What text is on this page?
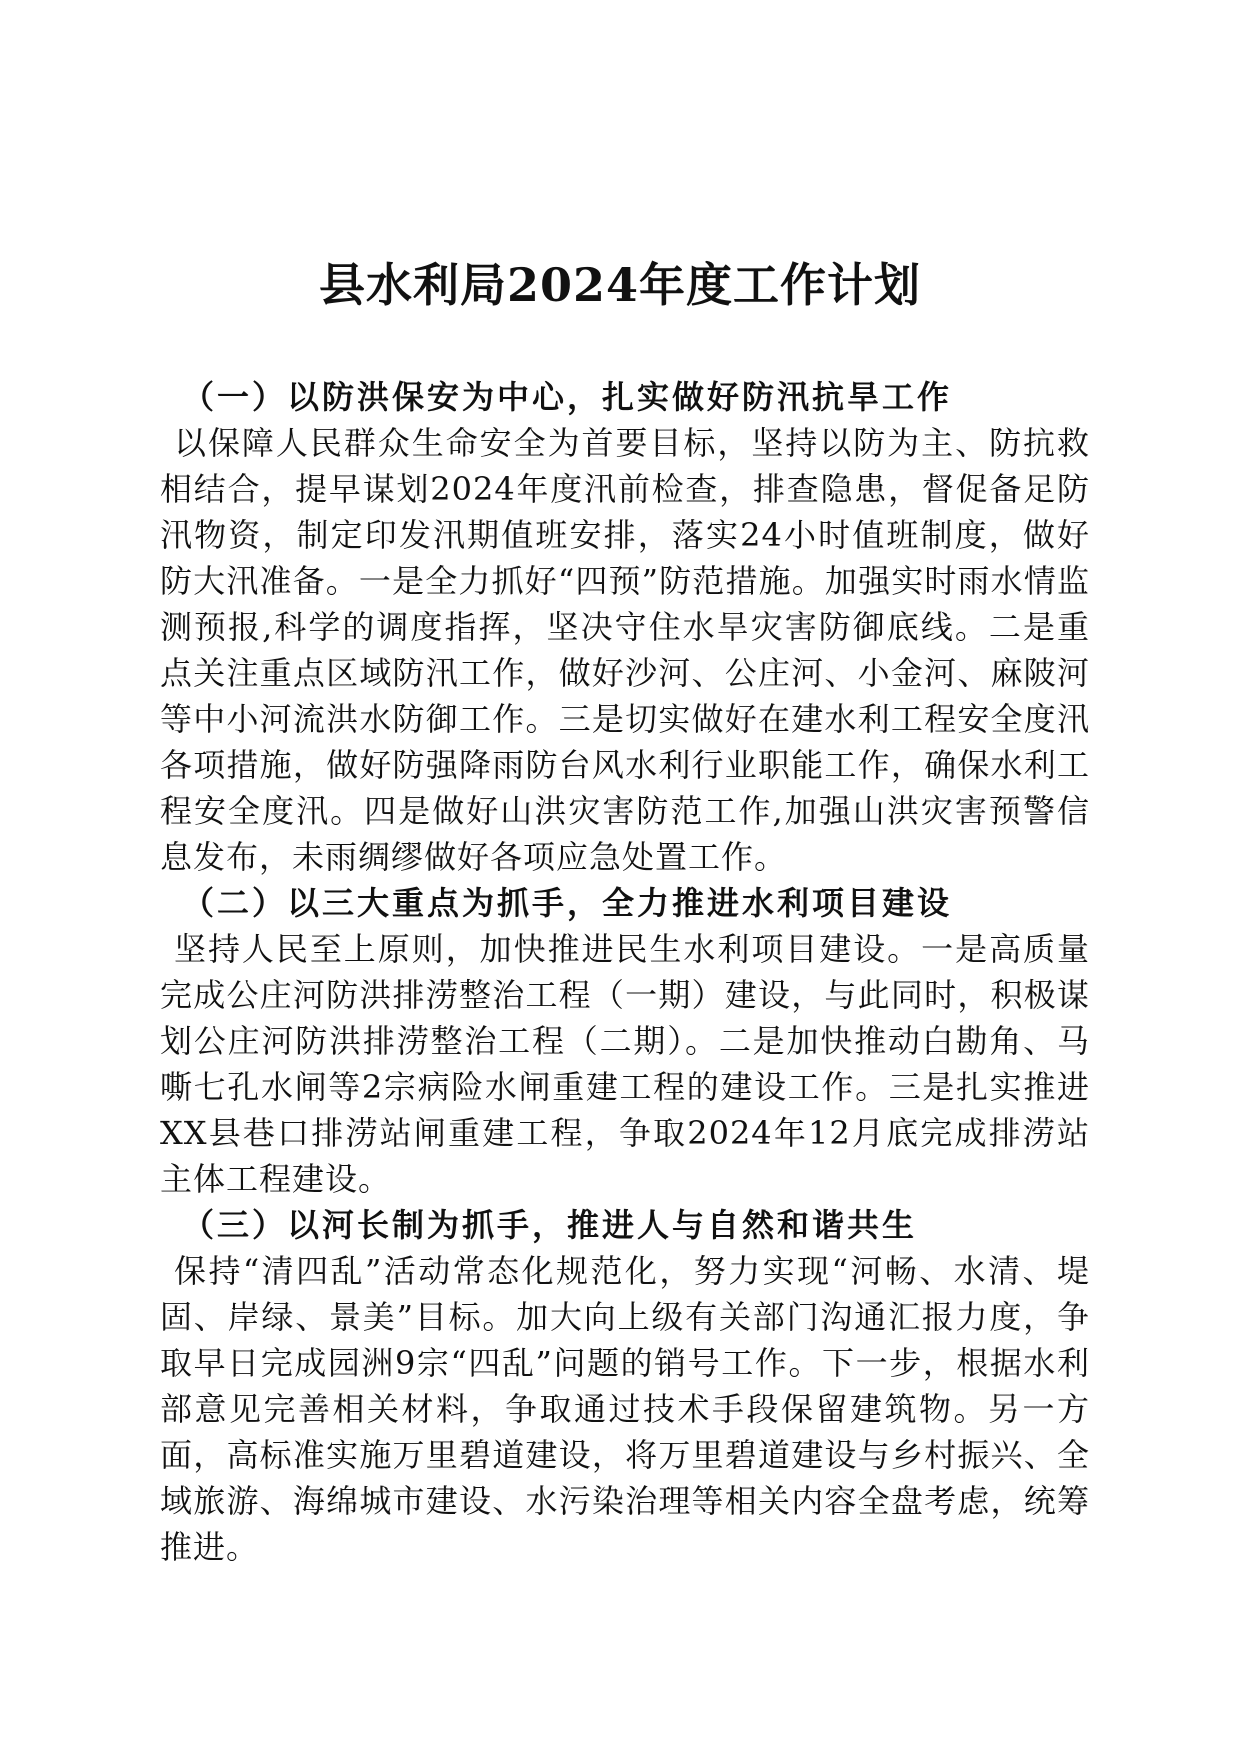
县水利局2024年度工作计划

（一）以防洪保安为中心，扎实做好防汛抗旱工作

以保障人民群众生命安全为首要目标，坚持以防为主、防抗救相结合，提早谋划2024年度汛前检查，排查隐患，督促备足防汛物资，制定印发汛期值班安排，落实24小时值班制度，做好防大汛准备。一是全力抓好“四预”防范措施。加强实时雨水情监测预报,科学的调度指挥，坚决守住水旱灾害防御底线。二是重点关注重点区域防汛工作，做好沙河、公庄河、小金河、麻陂河等中小河流洪水防御工作。三是切实做好在建水利工程安全度汛各项措施，做好防强降雨防台风水利行业职能工作，确保水利工程安全度汛。四是做好山洪灾害防范工作,加强山洪灾害预警信息发布，未雨绸缪做好各项应急处置工作。

（二）以三大重点为抓手，全力推进水利项目建设

坚持人民至上原则，加快推进民生水利项目建设。一是高质量完成公庄河防洪排涝整治工程（一期）建设，与此同时，积极谋划公庄河防洪排涝整治工程（二期）。二是加快推动白勘角、马嘶七孔水闸等2宗病险水闸重建工程的建设工作。三是扎实推进XX县巷口排涝站闸重建工程，争取2024年12月底完成排涝站主体工程建设。

（三）以河长制为抓手，推进人与自然和谐共生

保持“清四乱”活动常态化规范化，努力实现“河畅、水清、堤固、岸绿、景美”目标。加大向上级有关部门沟通汇报力度，争取早日完成园洲9宗“四乱”问题的销号工作。下一步，根据水利部意见完善相关材料，争取通过技术手段保留建筑物。另一方面，高标准实施万里碧道建设，将万里碧道建设与乡村振兴、全域旅游、海绵城市建设、水污染治理等相关内容全盘考虑，统筹推进。
